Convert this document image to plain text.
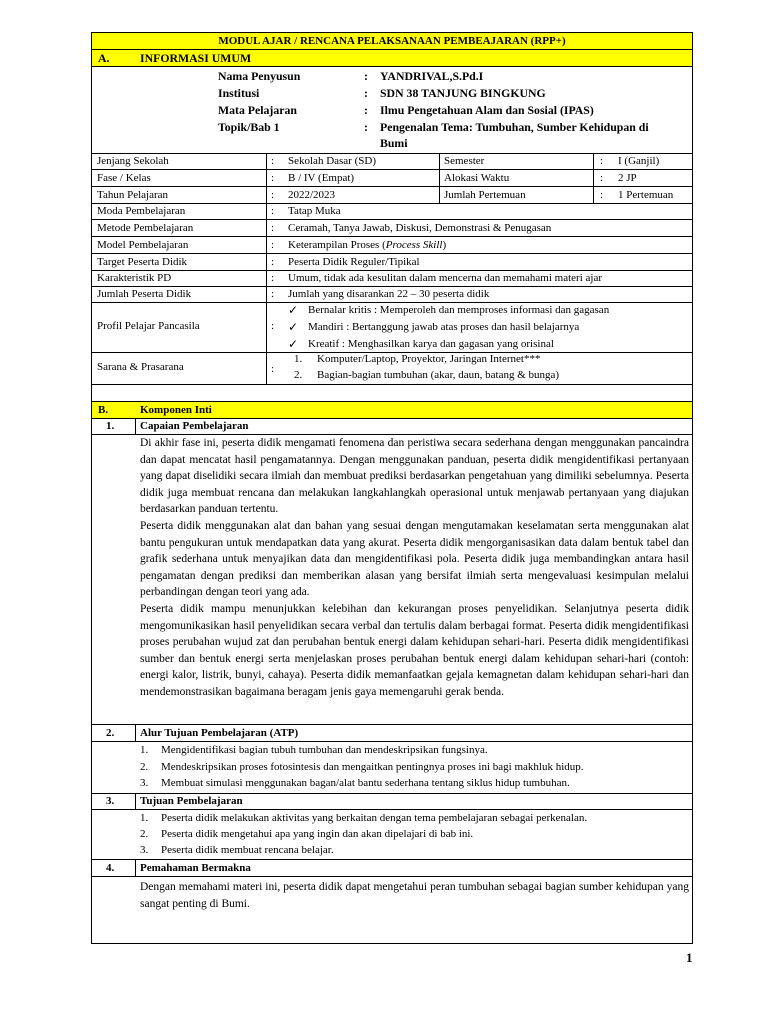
MODUL AJAR / RENCANA PELAKSANAAN PEMBEAJARAN (RPP+)
A.	INFORMASI UMUM
Nama Penyusun	: YANDRIVAL,S.Pd.I
Institusi	: SDN 38 TANJUNG BINGKUNG
Mata Pelajaran	: Ilmu Pengetahuan Alam dan Sosial (IPAS)
Topik/Bab 1	: Pengenalan Tema: Tumbuhan, Sumber Kehidupan di
Bumi
Jenjang Sekolah	: Sekolah Dasar (SD)	Semester	: I (Ganjil)
Fase / Kelas	: B / IV (Empat)	Alokasi Waktu	: 2 JP
Tahun Pelajaran	: 2022/2023	Jumlah Pertemuan	: 1 Pertemuan
Moda Pembelajaran	: Tatap Muka
Metode Pembelajaran	: Ceramah, Tanya Jawab, Diskusi, Demonstrasi & Penugasan
Model Pembelajaran	: Keterampilan Proses (Process Skill)
Target Peserta Didik	: Peserta Didik Reguler/Tipikal
Karakteristik PD	: Umum, tidak ada kesulitan dalam mencerna dan memahami materi ajar
Jumlah Peserta Didik	: Jumlah yang disarankan 22 – 30 peserta didik
Profil Pelajar Pancasila	:
✓ Bernalar kritis : Memperoleh dan memproses informasi dan gagasan
✓ Mandiri : Bertanggung jawab atas proses dan hasil belajarnya
✓ Kreatif : Menghasilkan karya dan gagasan yang orisinal
Sarana & Prasarana	:
1. Komputer/Laptop, Proyektor, Jaringan Internet***
2. Bagian-bagian tumbuhan (akar, daun, batang & bunga)
B.	Komponen Inti
1. Capaian Pembelajaran

Di akhir fase ini, peserta didik mengamati fenomena dan peristiwa secara sederhana dengan menggunakan pancaindra dan dapat mencatat hasil pengamatannya. Dengan menggunakan panduan, peserta didik mengidentifikasi pertanyaan yang dapat diselidiki secara ilmiah dan membuat prediksi berdasarkan pengetahuan yang dimiliki sebelumnya. Peserta didik juga membuat rencana dan melakukan langkahlangkah operasional untuk menjawab pertanyaan yang diajukan berdasarkan panduan tertentu.

Peserta didik menggunakan alat dan bahan yang sesuai dengan mengutamakan keselamatan serta menggunakan alat bantu pengukuran untuk mendapatkan data yang akurat. Peserta didik mengorganisasikan data dalam bentuk tabel dan grafik sederhana untuk menyajikan data dan mengidentifikasi pola. Peserta didik juga membandingkan antara hasil pengamatan dengan prediksi dan memberikan alasan yang bersifat ilmiah serta mengevaluasi kesimpulan melalui perbandingan dengan teori yang ada.

Peserta didik mampu menunjukkan kelebihan dan kekurangan proses penyelidikan. Selanjutnya peserta didik mengomunikasikan hasil penyelidikan secara verbal dan tertulis dalam berbagai format. Peserta didik mengidentifikasi proses perubahan wujud zat dan perubahan bentuk energi dalam kehidupan sehari-hari. Peserta didik mengidentifikasi sumber dan bentuk energi serta menjelaskan proses perubahan bentuk energi dalam kehidupan sehari-hari (contoh: energi kalor, listrik, bunyi, cahaya). Peserta didik memanfaatkan gejala kemagnetan dalam kehidupan sehari-hari dan mendemonstrasikan bagaimana beragam jenis gaya memengaruhi gerak benda.

2. Alur Tujuan Pembelajaran (ATP)
1. Mengidentifikasi bagian tubuh tumbuhan dan mendeskripsikan fungsinya.
2. Mendeskripsikan proses fotosintesis dan mengaitkan pentingnya proses ini bagi makhluk hidup.
3. Membuat simulasi menggunakan bagan/alat bantu sederhana tentang siklus hidup tumbuhan.
3. Tujuan Pembelajaran
1. Peserta didik melakukan aktivitas yang berkaitan dengan tema pembelajaran sebagai perkenalan.
2. Peserta didik mengetahui apa yang ingin dan akan dipelajari di bab ini.
3. Peserta didik membuat rencana belajar.
4. Pemahaman Bermakna
Dengan memahami materi ini, peserta didik dapat mengetahui peran tumbuhan sebagai bagian sumber kehidupan yang sangat penting di Bumi.
1
